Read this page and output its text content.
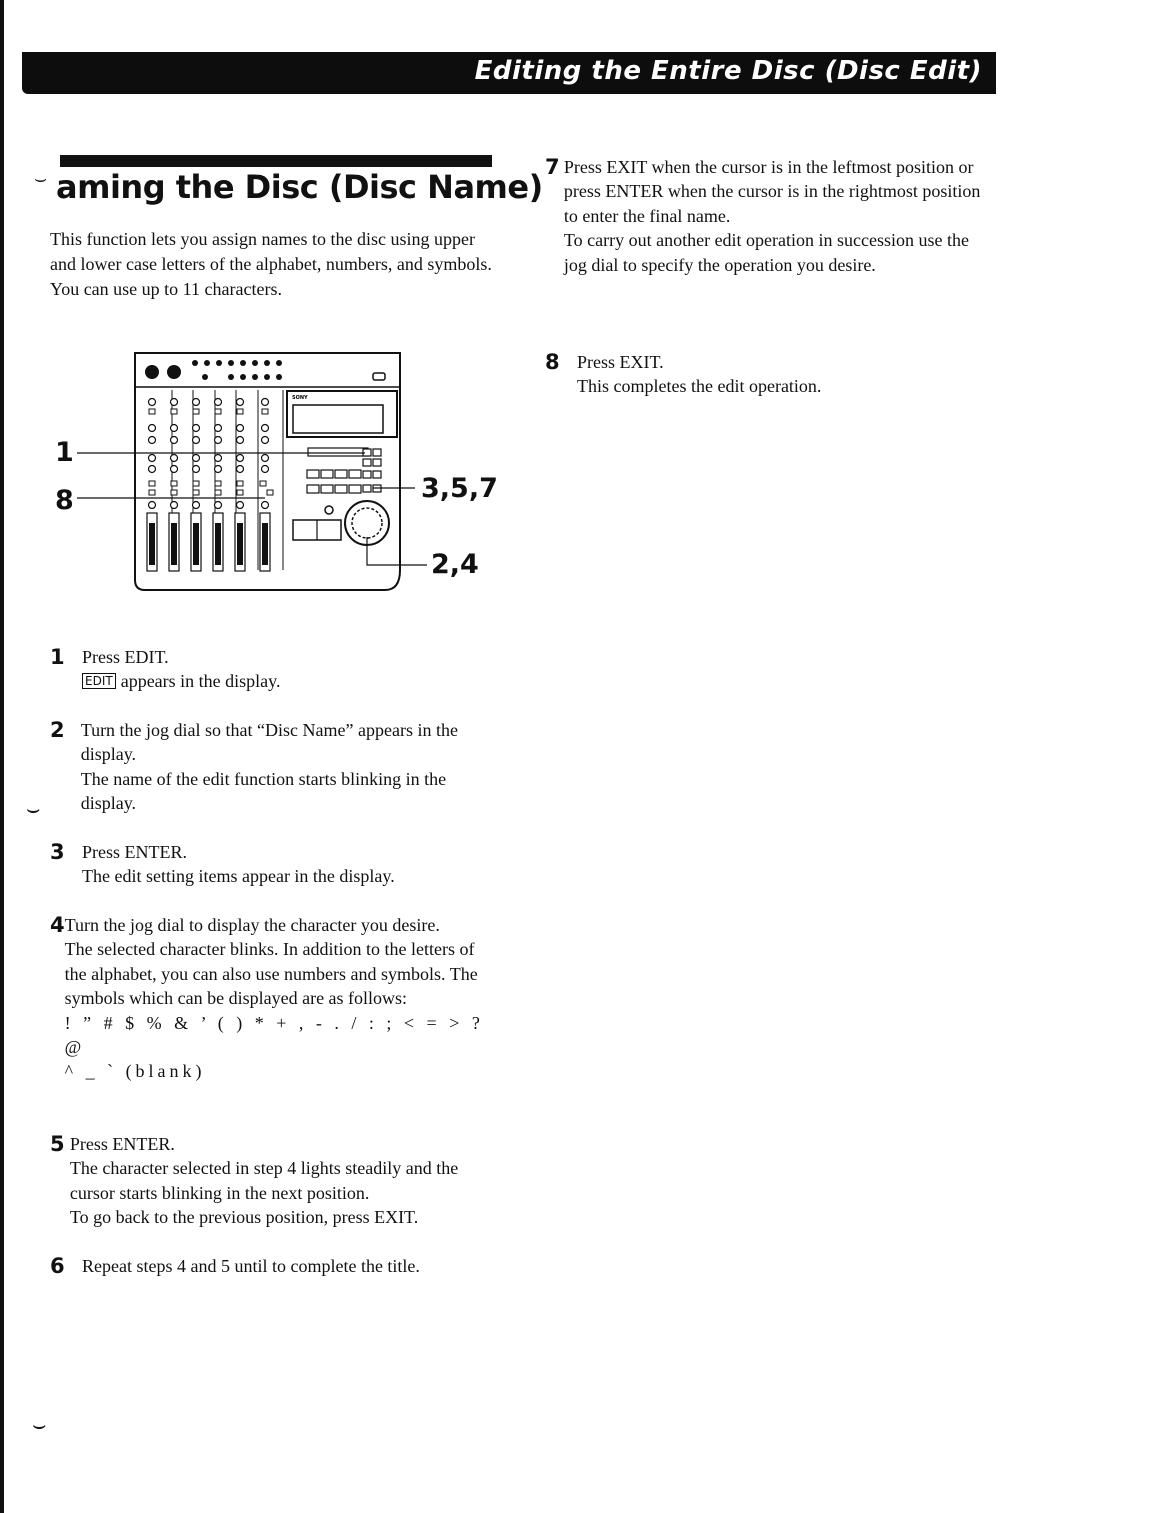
Editing the Entire Disc (Disc Edit)
⌣ aming the Disc (Disc Name)

This function lets you assign names to the disc using upper and lower case letters of the alphabet, numbers, and symbols. You can use up to 11 characters.

SONY
1
8	3,5,7
2,4
1 Press EDIT.

EDIT appears in the display.

2 Turn the jog dial so that “Disc Name” appears in the display.

The name of the edit function starts blinking in the display.

⌣
3 Press ENTER.

The edit setting items appear in the display.

4 Turn the jog dial to display the character you desire.

The selected character blinks. In addition to the letters of the alphabet, you can also use numbers and symbols. The symbols which can be displayed are as follows:

! ” # $ % & ’ ( ) * + , - . / : ; < = > ? @

^ _ ` (blank)

5 Press ENTER.

The character selected in step 4 lights steadily and the cursor starts blinking in the next position.

To go back to the previous position, press EXIT.

6 Repeat steps 4 and 5 until to complete the title.

7 Press EXIT when the cursor is in the leftmost position or

press ENTER when the cursor is in the rightmost position to enter the final name.

To carry out another edit operation in succession use the jog dial to specify the operation you desire.

8 Press EXIT.

This completes the edit operation.

⌣
